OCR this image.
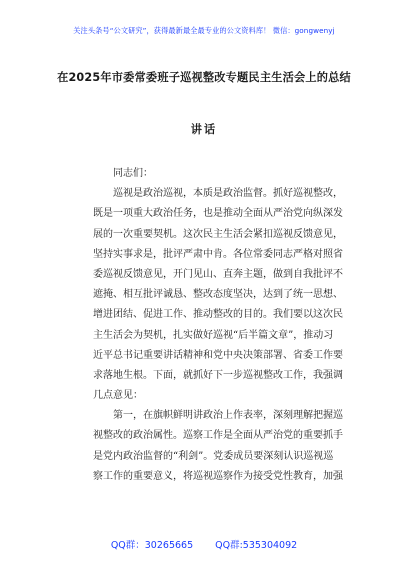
关注头条号“公文研究”，获得最新最全最专业的公文资料库！ 微信：gongwenyj
在2025年市委常委班子巡视整改专题民主生活会上的总结
讲话
同志们：
巡视是政治巡视，本质是政治监督。抓好巡视整改，
既是一项重大政治任务，也是推动全面从严治党向纵深发
展的一次重要契机。这次民主生活会紧扣巡视反馈意见，
坚持实事求是，批评严肃中肯。各位常委同志严格对照省
委巡视反馈意见，开门见山、直奔主题，做到自我批评不
遮掩、相互批评诚恳、整改态度坚决，达到了统一思想、
增进团结、促进工作、推动整改的目的。我们要以这次民
主生活会为契机，扎实做好巡视“后半篇文章”，推动习
近平总书记重要讲话精神和党中央决策部署、省委工作要
求落地生根。下面，就抓好下一步巡视整改工作，我强调
几点意见：
第一，在旗帜鲜明讲政治上作表率，深刻理解把握巡
视整改的政治属性。巡察工作是全面从严治党的重要抓手
是党内政治监督的“利剑”。党委成员要深刻认识巡视巡
察工作的重要意义，将巡视巡察作为接受党性教育，加强
QQ群：30265665 QQ群:535304092
